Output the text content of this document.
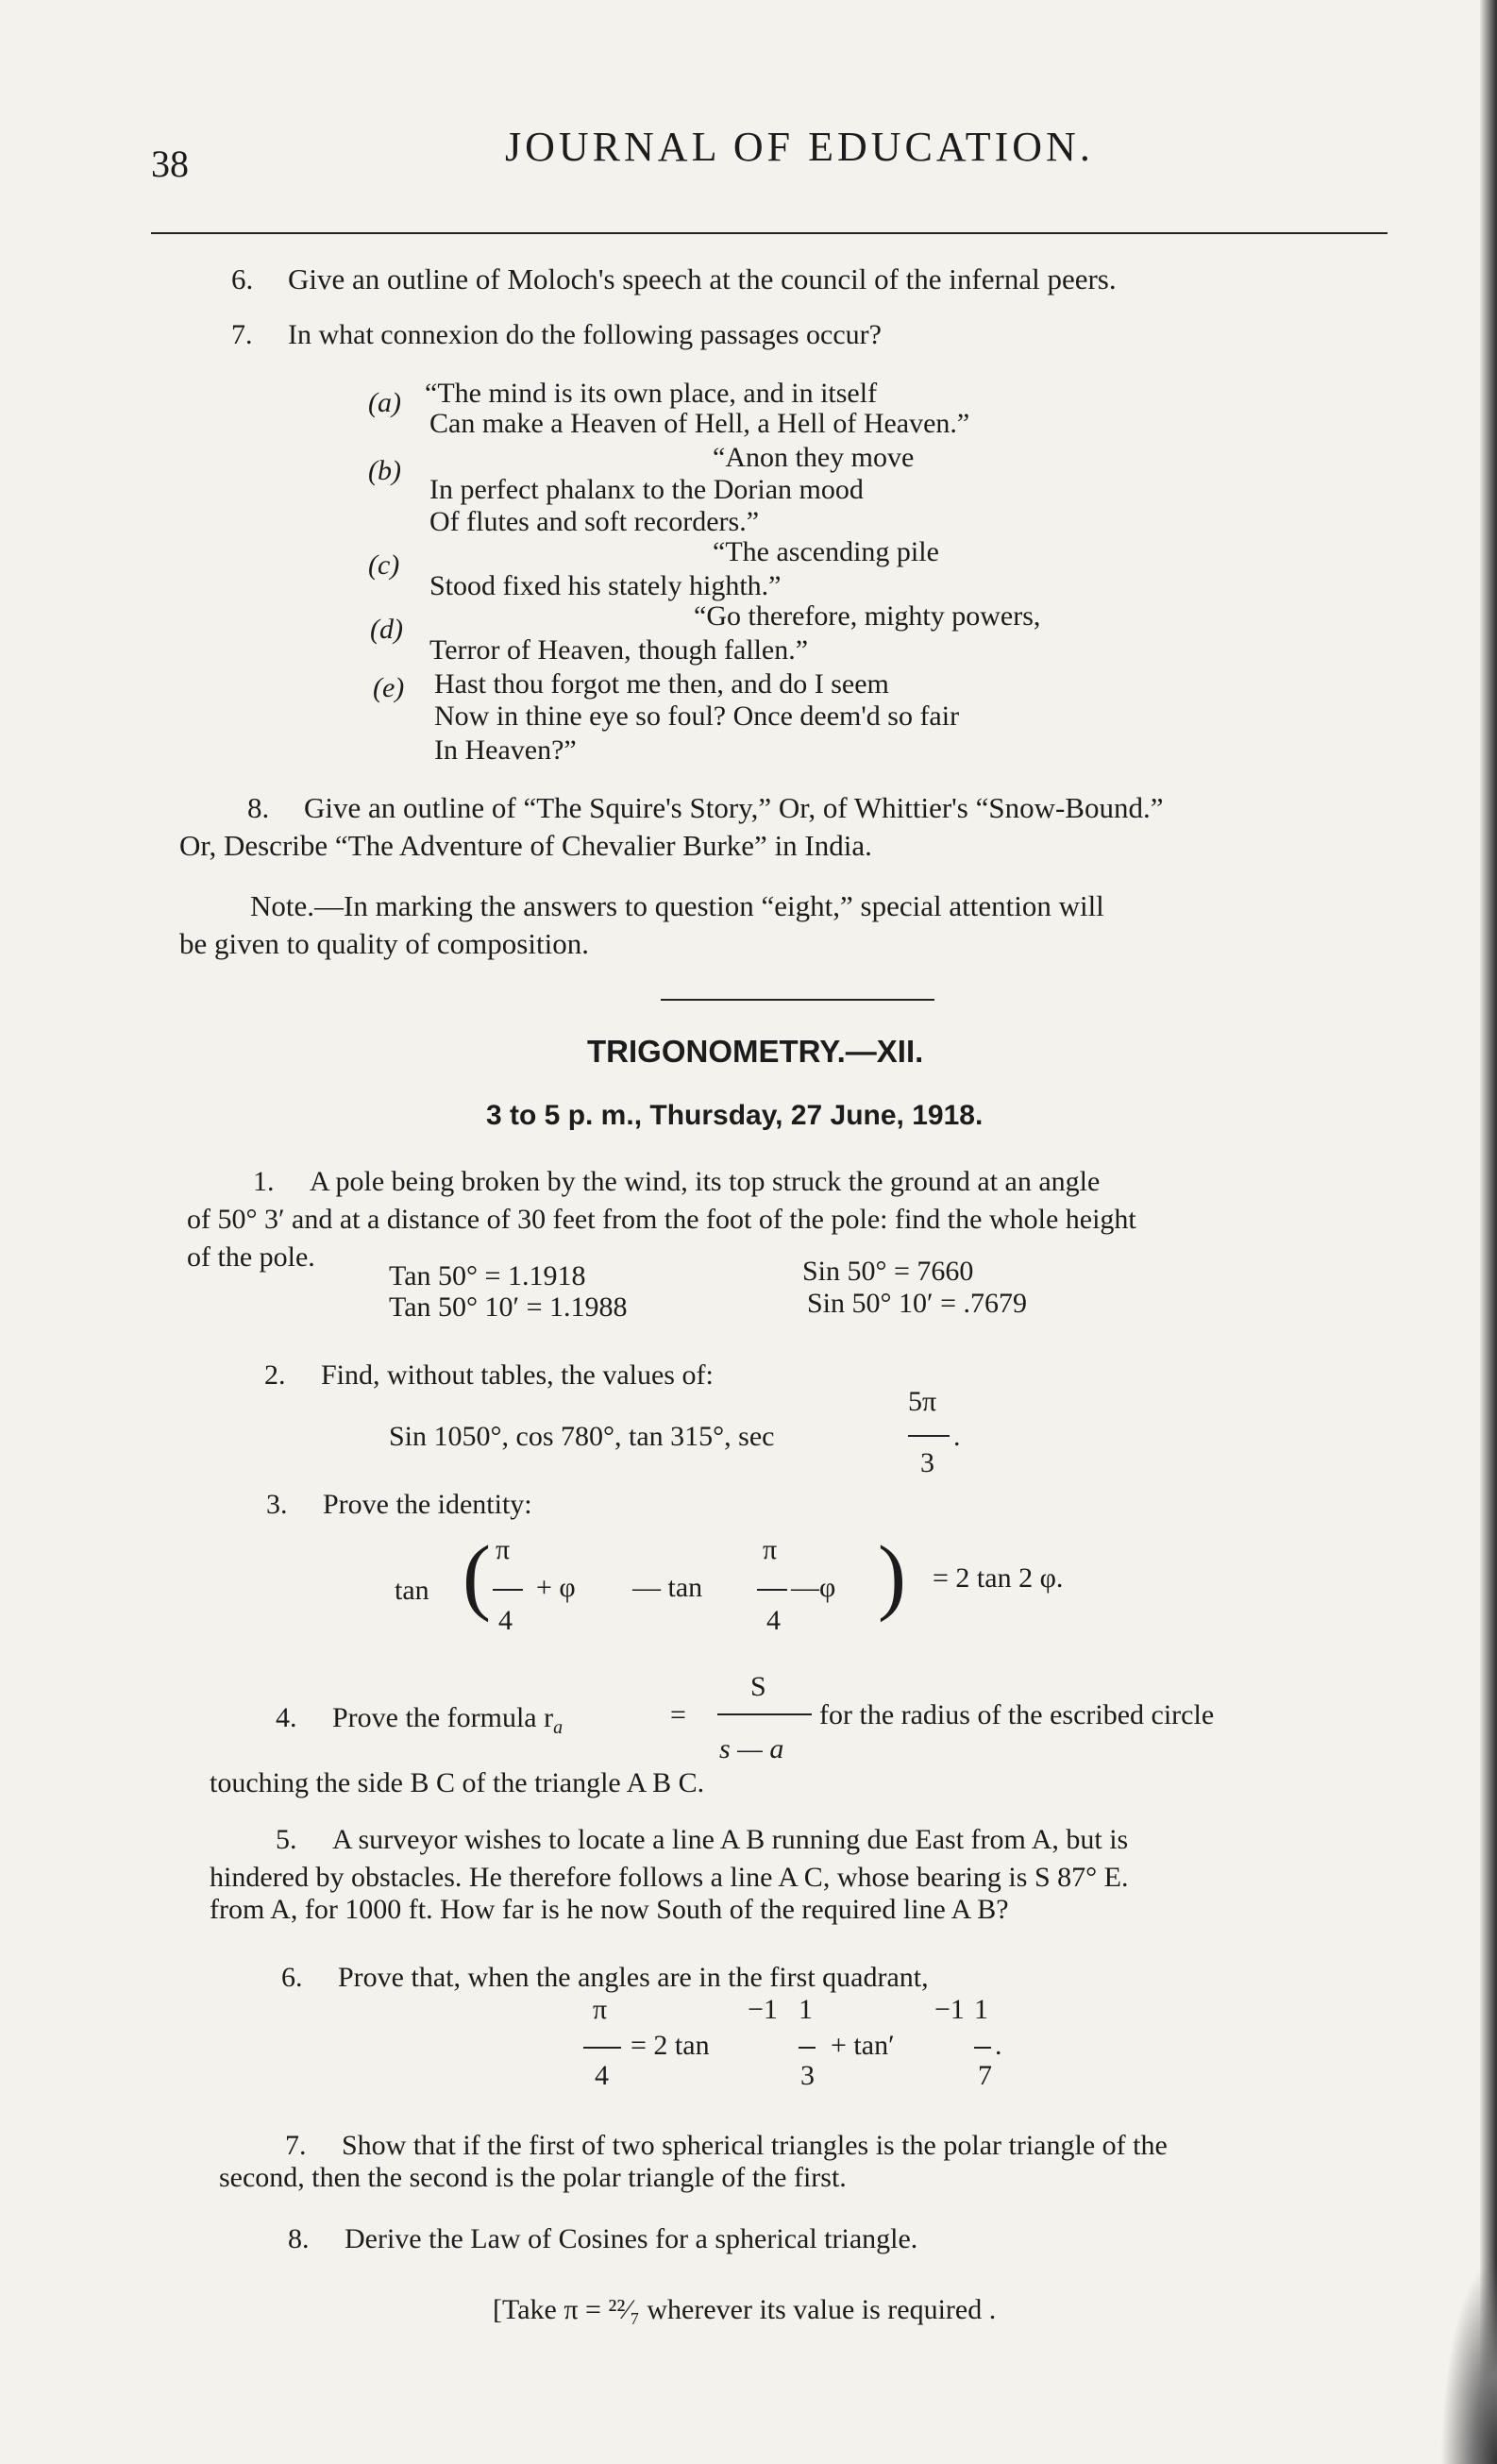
38	JOURNAL OF EDUCATION.
6. Give an outline of Moloch's speech at the council of the infernal peers.
7. In what connexion do the following passages occur?
(a) “The mind is its own place, and in itself
Can make a Heaven of Hell, a Hell of Heaven.”
(b)	“Anon they move
In perfect phalanx to the Dorian mood
Of flutes and soft recorders.”
(c)	“The ascending pile
Stood fixed his stately highth.”
(d)	“Go therefore, mighty powers,
Terror of Heaven, though fallen.”
(e) Hast thou forgot me then, and do I seem
Now in thine eye so foul? Once deem'd so fair
In Heaven?”
8. Give an outline of “The Squire's Story,” Or, of Whittier's “Snow-Bound.”
Or, Describe “The Adventure of Chevalier Burke” in India.
Note.—In marking the answers to question “eight,” special attention will
be given to quality of composition.
TRIGONOMETRY.—XII.
3 to 5 p. m., Thursday, 27 June, 1918.
1. A pole being broken by the wind, its top struck the ground at an angle
of 50° 3′ and at a distance of 30 feet from the foot of the pole: find the whole height
of the pole.
Tan 50° = 1.1918
Tan 50° 10′ = 1.1988
Sin 50° = 7660
Sin 50° 10′ = .7679
2. Find, without tables, the values of:
Sin 1050°, cos 780°, tan 315°, sec
5π
3
.
3. Prove the identity:
tan ( π
4
+ φ — tan
π
4
—φ ) = 2 tan 2 φ.
4. Prove the formula $r_a$	=
S
s — a
for the radius of the escribed circle
touching the side B C of the triangle A B C.
5. A surveyor wishes to locate a line A B running due East from A, but is
hindered by obstacles. He therefore follows a line A C, whose bearing is S 87° E.
from A, for 1000 ft. How far is he now South of the required line A B?
6. Prove that, when the angles are in the first quadrant,
π
4
= 2 tan
−1 1
3
+ tan′
−1 1
7
.
7. Show that if the first of two spherical triangles is the polar triangle of the
second, then the second is the polar triangle of the first.
8. Derive the Law of Cosines for a spherical triangle.
[Take π = ²²⁄₇ wherever its value is required .
